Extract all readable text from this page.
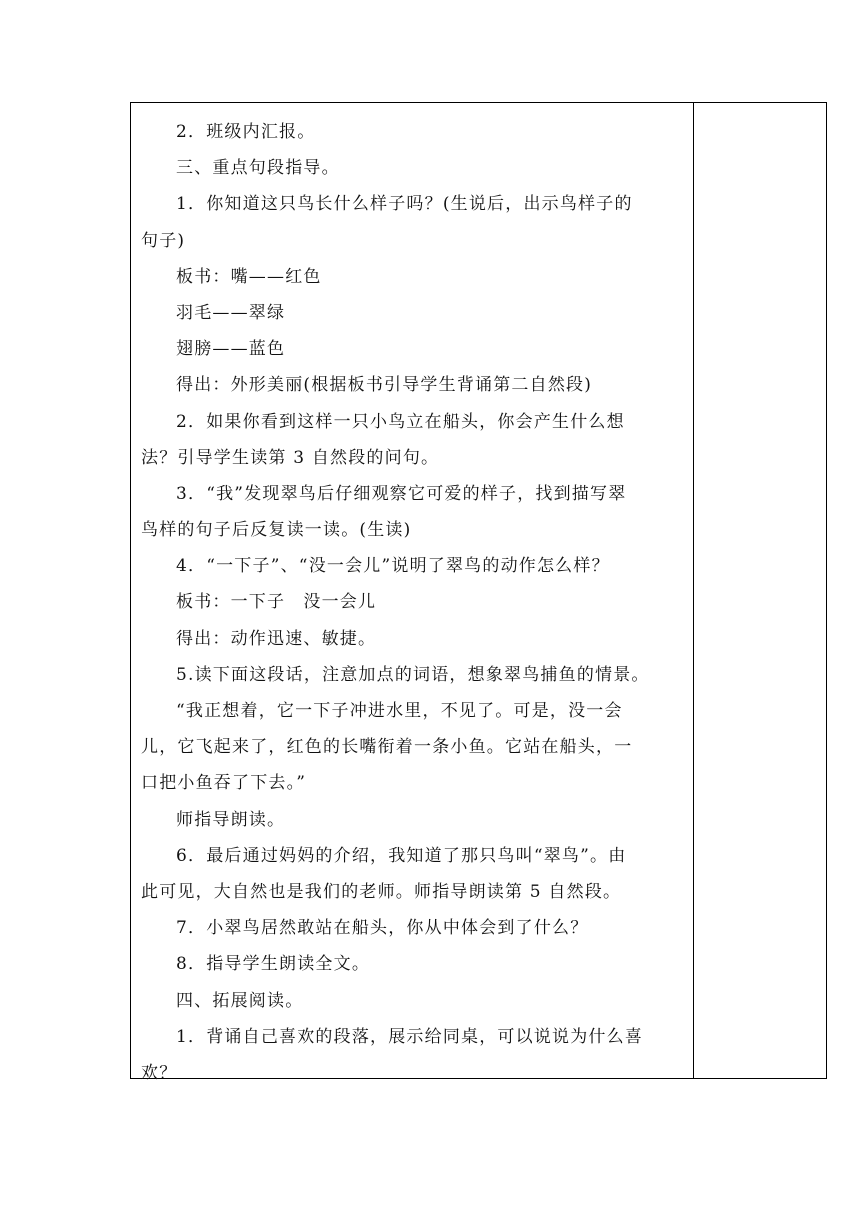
2．班级内汇报。
三、重点句段指导。
1．你知道这只鸟长什么样子吗？(生说后，出示鸟样子的
句子)
板书：嘴——红色
羽毛——翠绿
翅膀——蓝色
得出：外形美丽(根据板书引导学生背诵第二自然段)
2．如果你看到这样一只小鸟立在船头，你会产生什么想
法？引导学生读第 3 自然段的问句。
3．“我”发现翠鸟后仔细观察它可爱的样子，找到描写翠
鸟样的句子后反复读一读。(生读)
4．“一下子”、“没一会儿”说明了翠鸟的动作怎么样？
板书：一下子　没一会儿
得出：动作迅速、敏捷。
5.读下面这段话，注意加点的词语，想象翠鸟捕鱼的情景。
“我正想着，它一下子冲进水里，不见了。可是，没一会
儿，它飞起来了，红色的长嘴衔着一条小鱼。它站在船头，一
口把小鱼吞了下去。”
师指导朗读。
6．最后通过妈妈的介绍，我知道了那只鸟叫“翠鸟”。由
此可见，大自然也是我们的老师。师指导朗读第 5 自然段。
7．小翠鸟居然敢站在船头，你从中体会到了什么？
8．指导学生朗读全文。
四、拓展阅读。
1．背诵自己喜欢的段落，展示给同桌，可以说说为什么喜
欢？
